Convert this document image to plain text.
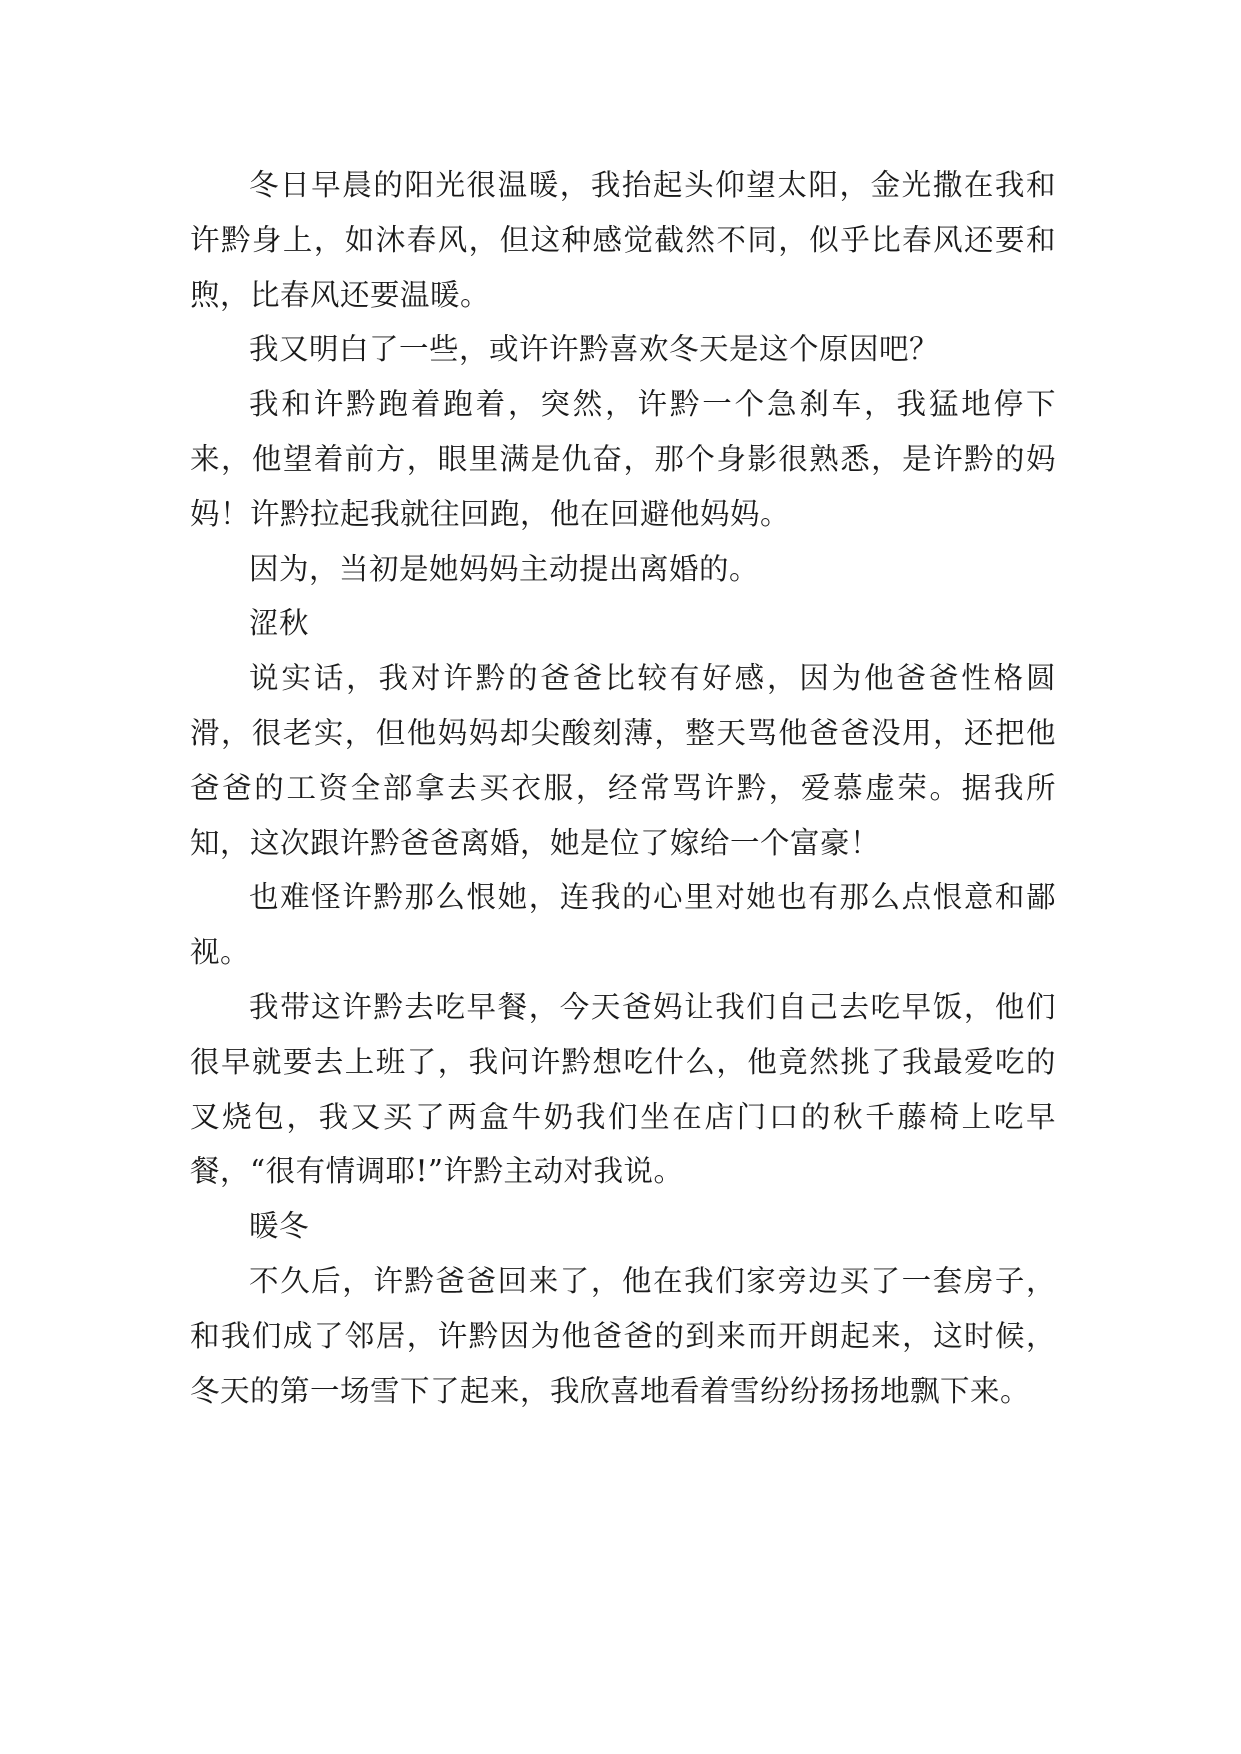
冬日早晨的阳光很温暖，我抬起头仰望太阳，金光撒在我和许黔身上，如沐春风，但这种感觉截然不同，似乎比春风还要和煦，比春风还要温暖。

我又明白了一些，或许许黔喜欢冬天是这个原因吧？

我和许黔跑着跑着，突然，许黔一个急刹车，我猛地停下来，他望着前方，眼里满是仇奋，那个身影很熟悉，是许黔的妈妈！许黔拉起我就往回跑，他在回避他妈妈。

因为，当初是她妈妈主动提出离婚的。

涩秋

说实话，我对许黔的爸爸比较有好感，因为他爸爸性格圆滑，很老实，但他妈妈却尖酸刻薄，整天骂他爸爸没用，还把他爸爸的工资全部拿去买衣服，经常骂许黔，爱慕虚荣。据我所知，这次跟许黔爸爸离婚，她是位了嫁给一个富豪！

也难怪许黔那么恨她，连我的心里对她也有那么点恨意和鄙视。

我带这许黔去吃早餐，今天爸妈让我们自己去吃早饭，他们很早就要去上班了，我问许黔想吃什么，他竟然挑了我最爱吃的叉烧包，我又买了两盒牛奶我们坐在店门口的秋千藤椅上吃早餐，“很有情调耶!”许黔主动对我说。

暖冬

不久后，许黔爸爸回来了，他在我们家旁边买了一套房子，和我们成了邻居，许黔因为他爸爸的到来而开朗起来，这时候，冬天的第一场雪下了起来，我欣喜地看着雪纷纷扬扬地飘下来。
